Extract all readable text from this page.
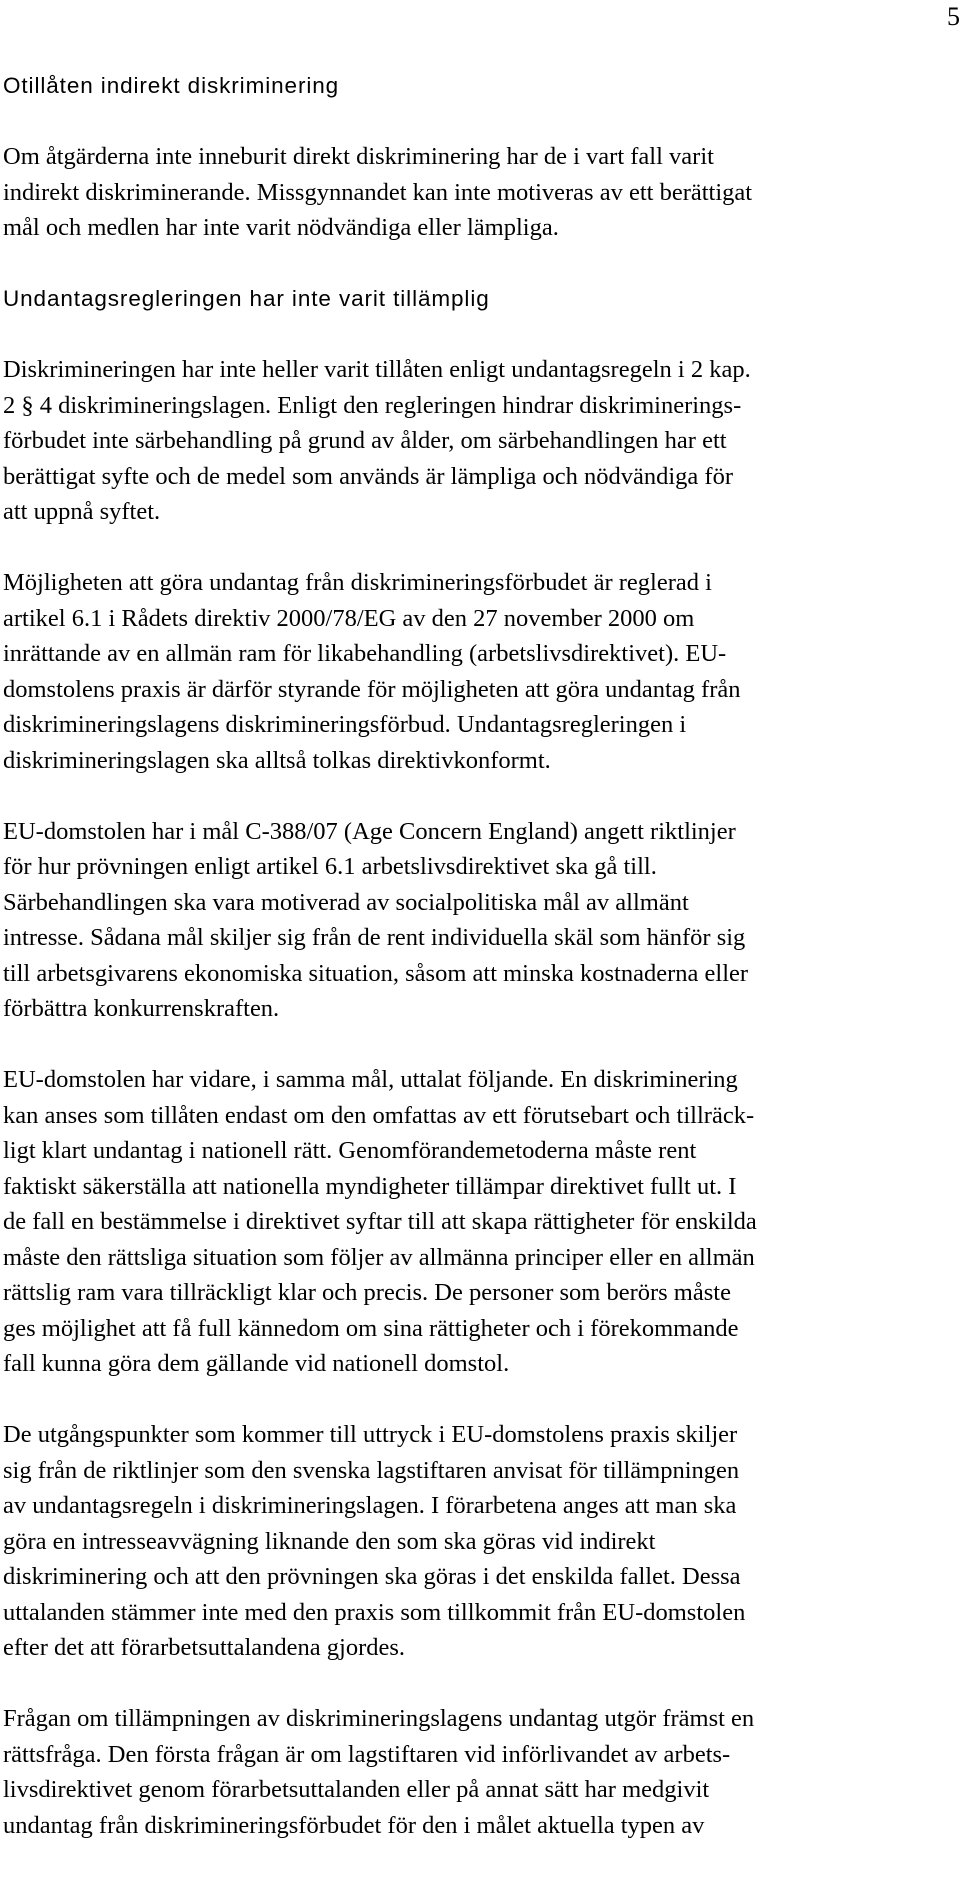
5
Otillåten indirekt diskriminering
Om åtgärderna inte inneburit direkt diskriminering har de i vart fall varit
indirekt diskriminerande. Missgynnandet kan inte motiveras av ett berättigat
mål och medlen har inte varit nödvändiga eller lämpliga.
Undantagsregleringen har inte varit tillämplig
Diskrimineringen har inte heller varit tillåten enligt undantagsregeln i 2 kap.
2 § 4 diskrimineringslagen. Enligt den regleringen hindrar diskriminerings-
förbudet inte särbehandling på grund av ålder, om särbehandlingen har ett
berättigat syfte och de medel som används är lämpliga och nödvändiga för
att uppnå syftet.
Möjligheten att göra undantag från diskrimineringsförbudet är reglerad i
artikel 6.1 i Rådets direktiv 2000/78/EG av den 27 november 2000 om
inrättande av en allmän ram för likabehandling (arbetslivsdirektivet). EU-
domstolens praxis är därför styrande för möjligheten att göra undantag från
diskrimineringslagens diskrimineringsförbud. Undantagsregleringen i
diskrimineringslagen ska alltså tolkas direktivkonformt.
EU-domstolen har i mål C-388/07 (Age Concern England) angett riktlinjer
för hur prövningen enligt artikel 6.1 arbetslivsdirektivet ska gå till.
Särbehandlingen ska vara motiverad av socialpolitiska mål av allmänt
intresse. Sådana mål skiljer sig från de rent individuella skäl som hänför sig
till arbetsgivarens ekonomiska situation, såsom att minska kostnaderna eller
förbättra konkurrenskraften.
EU-domstolen har vidare, i samma mål, uttalat följande. En diskriminering
kan anses som tillåten endast om den omfattas av ett förutsebart och tillräck-
ligt klart undantag i nationell rätt. Genomförandemetoderna måste rent
faktiskt säkerställa att nationella myndigheter tillämpar direktivet fullt ut. I
de fall en bestämmelse i direktivet syftar till att skapa rättigheter för enskilda
måste den rättsliga situation som följer av allmänna principer eller en allmän
rättslig ram vara tillräckligt klar och precis. De personer som berörs måste
ges möjlighet att få full kännedom om sina rättigheter och i förekommande
fall kunna göra dem gällande vid nationell domstol.
De utgångspunkter som kommer till uttryck i EU-domstolens praxis skiljer
sig från de riktlinjer som den svenska lagstiftaren anvisat för tillämpningen
av undantagsregeln i diskrimineringslagen. I förarbetena anges att man ska
göra en intresseavvägning liknande den som ska göras vid indirekt
diskriminering och att den prövningen ska göras i det enskilda fallet. Dessa
uttalanden stämmer inte med den praxis som tillkommit från EU-domstolen
efter det att förarbetsuttalandena gjordes.
Frågan om tillämpningen av diskrimineringslagens undantag utgör främst en
rättsfråga. Den första frågan är om lagstiftaren vid införlivandet av arbets-
livsdirektivet genom förarbetsuttalanden eller på annat sätt har medgivit
undantag från diskrimineringsförbudet för den i målet aktuella typen av
